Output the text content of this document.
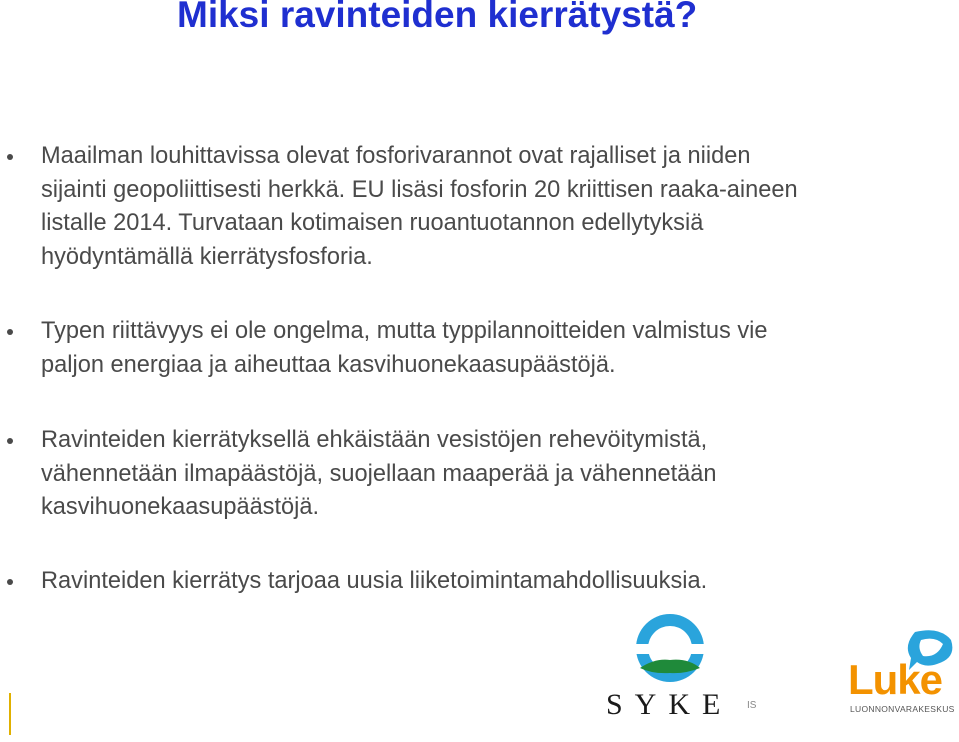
Miksi ravinteiden kierrätystä?
Maailman louhittavissa olevat fosforivarannot ovat rajalliset ja niiden
sijainti geopoliittisesti herkkä. EU lisäsi fosforin 20 kriittisen raaka-aineen
listalle 2014. Turvataan kotimaisen ruoantuotannon edellytyksiä
hyödyntämällä kierrätysfosforia.
Typen riittävyys ei ole ongelma, mutta typpilannoitteiden valmistus vie
paljon energiaa ja aiheuttaa kasvihuonekaasupäästöjä.
Ravinteiden kierrätyksellä ehkäistään vesistöjen rehevöitymistä,
vähennetään ilmapäästöjä, suojellaan maaperää ja vähennetään
kasvihuonekaasupäästöjä.
Ravinteiden kierrätys tarjoaa uusia liiketoimintamahdollisuuksia.
SYKE IS
Luke
LUONNONVARAKESKUS
